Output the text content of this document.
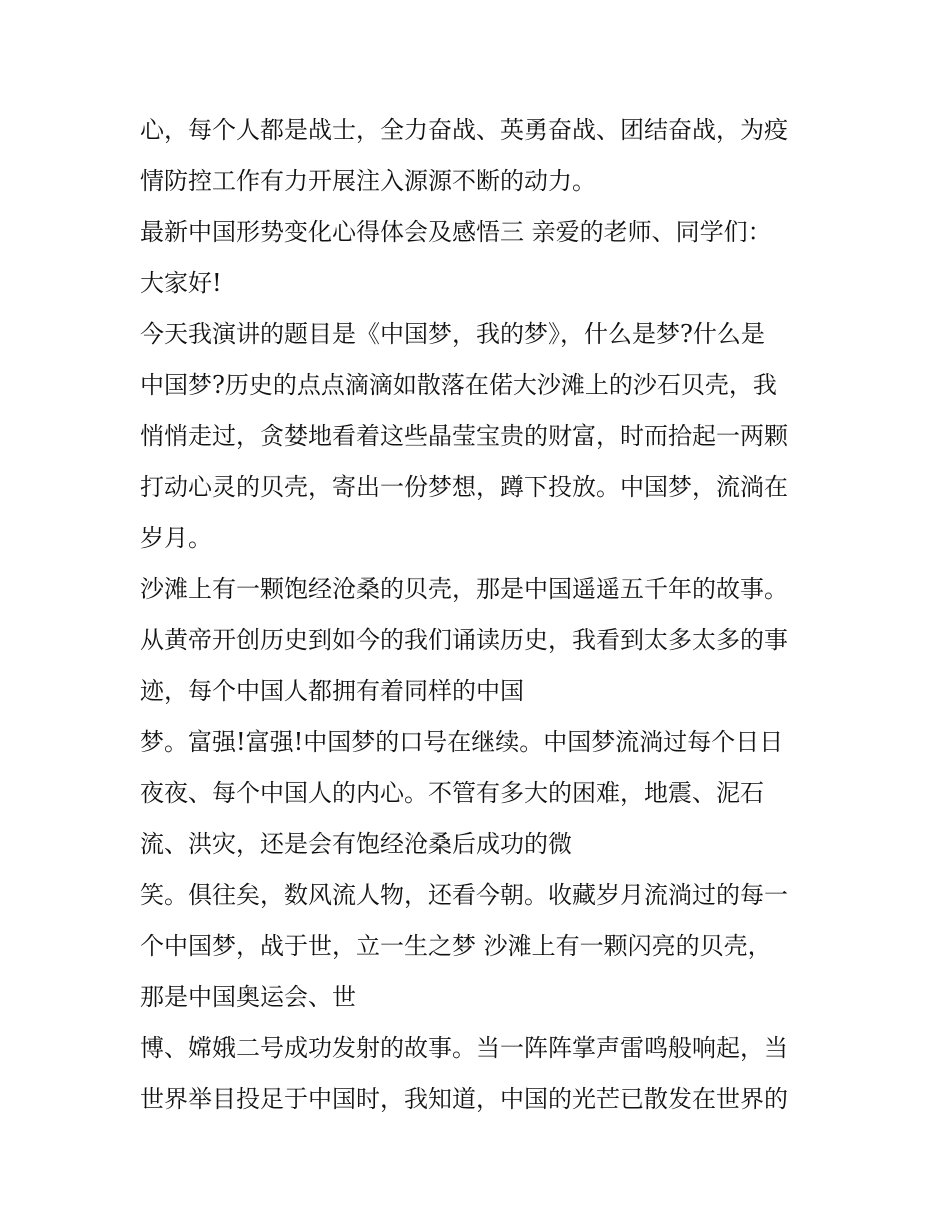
心，每个人都是战士，全力奋战、英勇奋战、团结奋战，为疫
情防控工作有力开展注入源源不断的动力。
最新中国形势变化心得体会及感悟三 亲爱的老师、同学们：
大家好!
今天我演讲的题目是《中国梦，我的梦》，什么是梦?什么是
中国梦?历史的点点滴滴如散落在偌大沙滩上的沙石贝壳，我
悄悄走过，贪婪地看着这些晶莹宝贵的财富，时而拾起一两颗
打动心灵的贝壳，寄出一份梦想，蹲下投放。中国梦，流淌在
岁月。
沙滩上有一颗饱经沧桑的贝壳，那是中国遥遥五千年的故事。
从黄帝开创历史到如今的我们诵读历史，我看到太多太多的事
迹，每个中国人都拥有着同样的中国
梦。富强!富强!中国梦的口号在继续。中国梦流淌过每个日日
夜夜、每个中国人的内心。不管有多大的困难，地震、泥石
流、洪灾，还是会有饱经沧桑后成功的微
笑。俱往矣，数风流人物，还看今朝。收藏岁月流淌过的每一
个中国梦，战于世，立一生之梦 沙滩上有一颗闪亮的贝壳，
那是中国奥运会、世
博、嫦娥二号成功发射的故事。当一阵阵掌声雷鸣般响起，当
世界举目投足于中国时，我知道，中国的光芒已散发在世界的
